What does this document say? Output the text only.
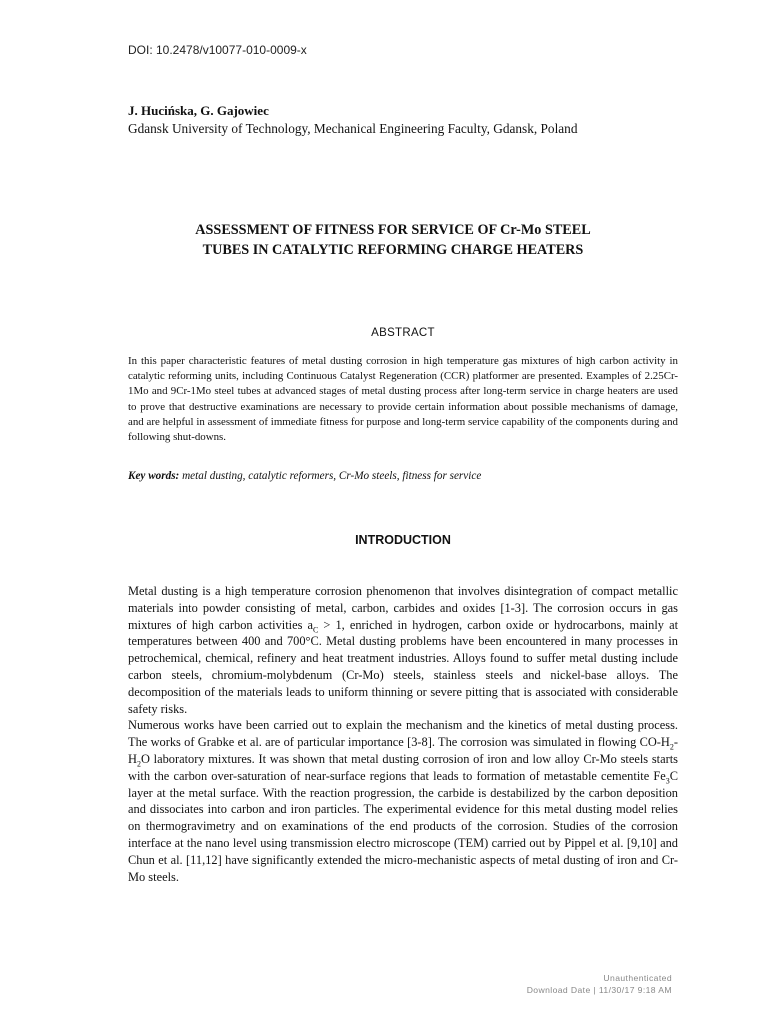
DOI: 10.2478/v10077-010-0009-x
J. Hucińska, G. Gajowiec
Gdansk University of Technology, Mechanical Engineering Faculty, Gdansk, Poland
ASSESSMENT OF FITNESS FOR SERVICE OF Cr-Mo STEEL
TUBES IN CATALYTIC REFORMING CHARGE HEATERS
ABSTRACT
In this paper characteristic features of metal dusting corrosion in high temperature gas mixtures of high carbon activity in catalytic reforming units, including Continuous Catalyst Regeneration (CCR) platformer are presented. Examples of 2.25Cr-1Mo and 9Cr-1Mo steel tubes at advanced stages of metal dusting process after long-term service in charge heaters are used to prove that destructive examinations are necessary to provide certain information about possible mechanisms of damage, and are helpful in assessment of immediate fitness for purpose and long-term service capability of the components during and following shut-downs.
Key words: metal dusting, catalytic reformers, Cr-Mo steels, fitness for service
INTRODUCTION

Metal dusting is a high temperature corrosion phenomenon that involves disintegration of compact metallic materials into powder consisting of metal, carbon, carbides and oxides [1-3]. The corrosion occurs in gas mixtures of high carbon activities $a_C > 1$, enriched in hydrogen, carbon oxide or hydrocarbons, mainly at temperatures between 400 and 700°C. Metal dusting problems have been encountered in many processes in petrochemical, chemical, refinery and heat treatment industries. Alloys found to suffer metal dusting include carbon steels, chromium-molybdenum (Cr-Mo) steels, stainless steels and nickel-base alloys. The decomposition of the materials leads to uniform thinning or severe pitting that is associated with considerable safety risks.

Numerous works have been carried out to explain the mechanism and the kinetics of metal dusting process. The works of Grabke et al. are of particular importance [3-8]. The corrosion was simulated in flowing $CO-H_2-H_2O$ laboratory mixtures. It was shown that metal dusting corrosion of iron and low alloy Cr-Mo steels starts with the carbon over-saturation of near-surface regions that leads to formation of metastable cementite $Fe_3C$ layer at the metal surface. With the reaction progression, the carbide is destabilized by the carbon deposition and dissociates into carbon and iron particles. The experimental evidence for this metal dusting model relies on thermogravimetry and on examinations of the end products of the corrosion. Studies of the corrosion interface at the nano level using transmission electro microscope (TEM) carried out by Pippel et al. [9,10] and Chun et al. [11,12] have significantly extended the micro-mechanistic aspects of metal dusting of iron and Cr-Mo steels.

Unauthenticated
Download Date | 11/30/17 9:18 AM
